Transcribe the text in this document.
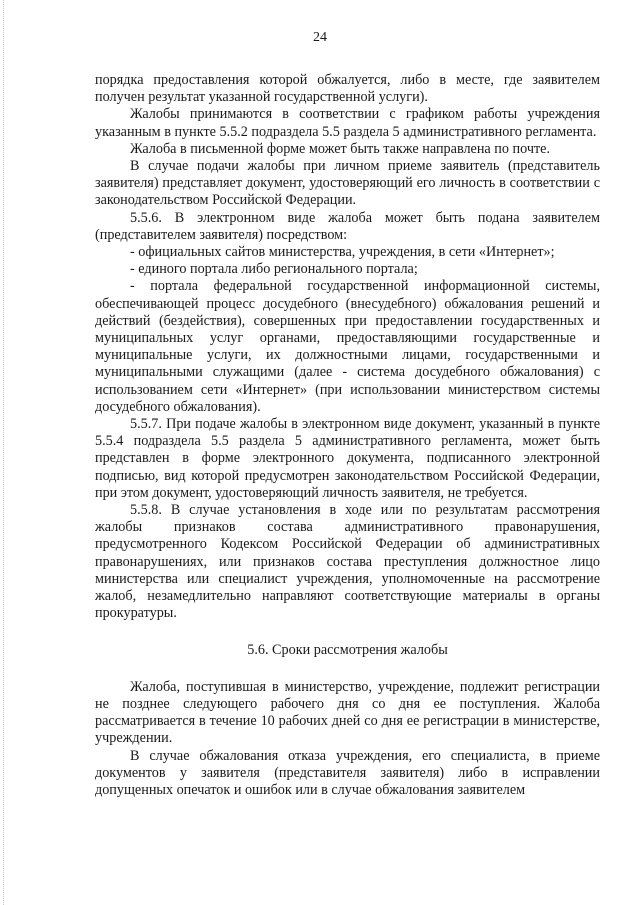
24

порядка предоставления которой обжалуется, либо в месте, где заявителем получен результат указанной государственной услуги).

Жалобы принимаются в соответствии с графиком работы учреждения указанным в пункте 5.5.2 подраздела 5.5 раздела 5 административного регламента.

Жалоба в письменной форме может быть также направлена по почте.

В случае подачи жалобы при личном приеме заявитель (представитель заявителя) представляет документ, удостоверяющий его личность в соответствии с законодательством Российской Федерации.

5.5.6. В электронном виде жалоба может быть подана заявителем (представителем заявителя) посредством:

- официальных сайтов министерства, учреждения, в сети «Интернет»;

- единого портала либо регионального портала;

- портала федеральной государственной информационной системы, обеспечивающей процесс досудебного (внесудебного) обжалования решений и действий (бездействия), совершенных при предоставлении государственных и муниципальных услуг органами, предоставляющими государственные и муниципальные услуги, их должностными лицами, государственными и муниципальными служащими (далее - система досудебного обжалования) с использованием сети «Интернет» (при использовании министерством системы досудебного обжалования).

5.5.7. При подаче жалобы в электронном виде документ, указанный в пункте 5.5.4 подраздела 5.5 раздела 5 административного регламента, может быть представлен в форме электронного документа, подписанного электронной подписью, вид которой предусмотрен законодательством Российской Федерации, при этом документ, удостоверяющий личность заявителя, не требуется.

5.5.8. В случае установления в ходе или по результатам рассмотрения жалобы признаков состава административного правонарушения, предусмотренного Кодексом Российской Федерации об административных правонарушениях, или признаков состава преступления должностное лицо министерства или специалист учреждения, уполномоченные на рассмотрение жалоб, незамедлительно направляют соответствующие материалы в органы прокуратуры.

5.6. Сроки рассмотрения жалобы

Жалоба, поступившая в министерство, учреждение, подлежит регистрации не позднее следующего рабочего дня со дня ее поступления. Жалоба рассматривается в течение 10 рабочих дней со дня ее регистрации в министерстве, учреждении.

В случае обжалования отказа учреждения, его специалиста, в приеме документов у заявителя (представителя заявителя) либо в исправлении допущенных опечаток и ошибок или в случае обжалования заявителем
